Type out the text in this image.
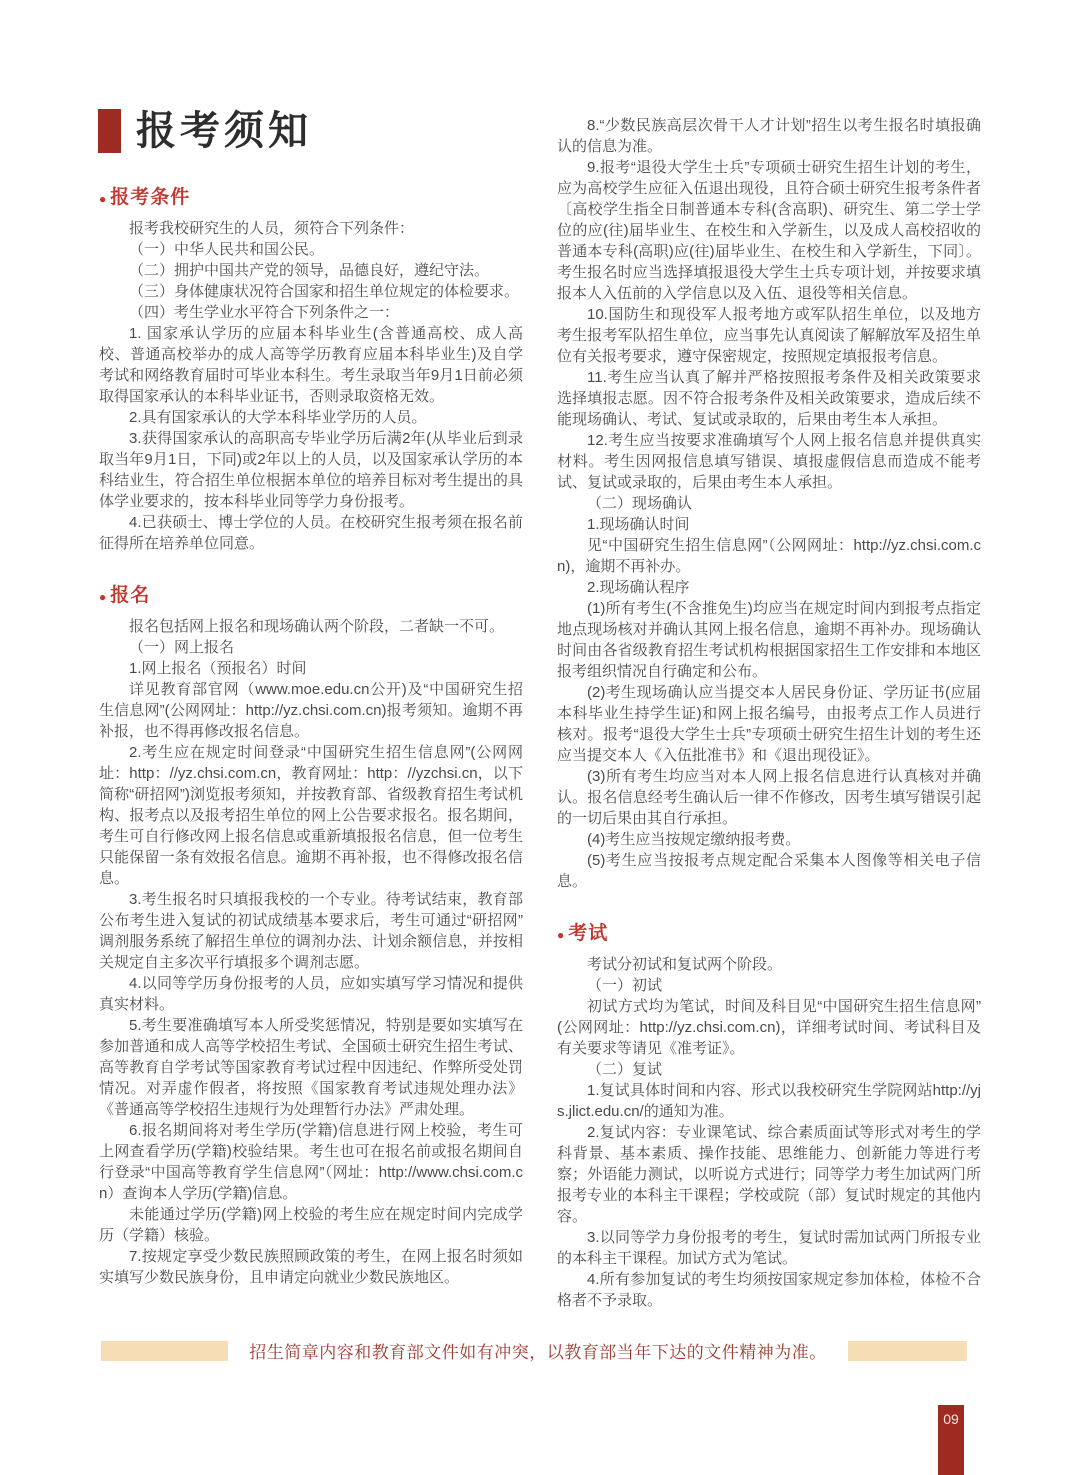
报考须知
● 报考条件

报考我校研究生的人员，须符合下列条件：

（一）中华人民共和国公民。

（二）拥护中国共产党的领导，品德良好，遵纪守法。

（三）身体健康状况符合国家和招生单位规定的体检要求。

（四）考生学业水平符合下列条件之一：

1. 国家承认学历的应届本科毕业生(含普通高校、成人高校、普通高校举办的成人高等学历教育应届本科毕业生)及自学考试和网络教育届时可毕业本科生。考生录取当年9月1日前必须取得国家承认的本科毕业证书，否则录取资格无效。

2.具有国家承认的大学本科毕业学历的人员。

3.获得国家承认的高职高专毕业学历后满2年(从毕业后到录取当年9月1日，下同)或2年以上的人员，以及国家承认学历的本科结业生，符合招生单位根据本单位的培养目标对考生提出的具体学业要求的，按本科毕业同等学力身份报考。

4.已获硕士、博士学位的人员。在校研究生报考须在报名前征得所在培养单位同意。

● 报名

报名包括网上报名和现场确认两个阶段，二者缺一不可。

（一）网上报名

1.网上报名（预报名）时间

详见教育部官网（www.moe.edu.cn公开)及“中国研究生招生信息网”(公网网址：http://yz.chsi.com.cn)报考须知。逾期不再补报，也不得再修改报名信息。

2.考生应在规定时间登录“中国研究生招生信息网”(公网网址：http：//yz.chsi.com.cn，教育网址：http：//yzchsi.cn，以下简称“研招网”)浏览报考须知，并按教育部、省级教育招生考试机构、报考点以及报考招生单位的网上公告要求报名。报名期间，考生可自行修改网上报名信息或重新填报报名信息，但一位考生只能保留一条有效报名信息。逾期不再补报，也不得修改报名信息。

3.考生报名时只填报我校的一个专业。待考试结束，教育部公布考生进入复试的初试成绩基本要求后，考生可通过“研招网”调剂服务系统了解招生单位的调剂办法、计划余额信息，并按相关规定自主多次平行填报多个调剂志愿。

4.以同等学历身份报考的人员，应如实填写学习情况和提供真实材料。

5.考生要准确填写本人所受奖惩情况，特别是要如实填写在参加普通和成人高等学校招生考试、全国硕士研究生招生考试、高等教育自学考试等国家教育考试过程中因违纪、作弊所受处罚情况。对弄虚作假者，将按照《国家教育考试违规处理办法》《普通高等学校招生违规行为处理暂行办法》严肃处理。

6.报名期间将对考生学历(学籍)信息进行网上校验，考生可上网查看学历(学籍)校验结果。考生也可在报名前或报名期间自行登录“中国高等教育学生信息网”（网址：http://www.chsi.com.cn）查询本人学历(学籍)信息。

未能通过学历(学籍)网上校验的考生应在规定时间内完成学历（学籍）核验。

7.按规定享受少数民族照顾政策的考生，在网上报名时须如实填写少数民族身份，且申请定向就业少数民族地区。

8.“少数民族高层次骨干人才计划”招生以考生报名时填报确认的信息为准。

9.报考“退役大学生士兵”专项硕士研究生招生计划的考生，应为高校学生应征入伍退出现役，且符合硕士研究生报考条件者〔高校学生指全日制普通本专科(含高职)、研究生、第二学士学位的应(往)届毕业生、在校生和入学新生，以及成人高校招收的普通本专科(高职)应(往)届毕业生、在校生和入学新生，下同〕。考生报名时应当选择填报退役大学生士兵专项计划，并按要求填报本人入伍前的入学信息以及入伍、退役等相关信息。

10.国防生和现役军人报考地方或军队招生单位，以及地方考生报考军队招生单位，应当事先认真阅读了解解放军及招生单位有关报考要求，遵守保密规定，按照规定填报报考信息。

11.考生应当认真了解并严格按照报考条件及相关政策要求选择填报志愿。因不符合报考条件及相关政策要求，造成后续不能现场确认、考试、复试或录取的，后果由考生本人承担。

12.考生应当按要求准确填写个人网上报名信息并提供真实材料。考生因网报信息填写错误、填报虚假信息而造成不能考试、复试或录取的，后果由考生本人承担。

（二）现场确认

1.现场确认时间

见“中国研究生招生信息网”（公网网址：http://yz.chsi.com.cn)，逾期不再补办。

2.现场确认程序

(1)所有考生(不含推免生)均应当在规定时间内到报考点指定地点现场核对并确认其网上报名信息，逾期不再补办。现场确认时间由各省级教育招生考试机构根据国家招生工作安排和本地区报考组织情况自行确定和公布。

(2)考生现场确认应当提交本人居民身份证、学历证书(应届本科毕业生持学生证)和网上报名编号，由报考点工作人员进行核对。报考“退役大学生士兵”专项硕士研究生招生计划的考生还应当提交本人《入伍批准书》和《退出现役证》。

(3)所有考生均应当对本人网上报名信息进行认真核对并确认。报名信息经考生确认后一律不作修改，因考生填写错误引起的一切后果由其自行承担。

(4)考生应当按规定缴纳报考费。

(5)考生应当按报考点规定配合采集本人图像等相关电子信息。

● 考试

考试分初试和复试两个阶段。

（一）初试

初试方式均为笔试，时间及科目见“中国研究生招生信息网”(公网网址：http://yz.chsi.com.cn)，详细考试时间、考试科目及有关要求等请见《准考证》。

（二）复试

1.复试具体时间和内容、形式以我校研究生学院网站http://yjs.jlict.edu.cn/的通知为准。

2.复试内容：专业课笔试、综合素质面试等形式对考生的学科背景、基本素质、操作技能、思维能力、创新能力等进行考察；外语能力测试，以听说方式进行；同等学力考生加试两门所报考专业的本科主干课程；学校或院（部）复试时规定的其他内容。

3.以同等学力身份报考的考生，复试时需加试两门所报专业的本科主干课程。加试方式为笔试。

4.所有参加复试的考生均须按国家规定参加体检，体检不合格者不予录取。

招生简章内容和教育部文件如有冲突，以教育部当年下达的文件精神为准。
09
